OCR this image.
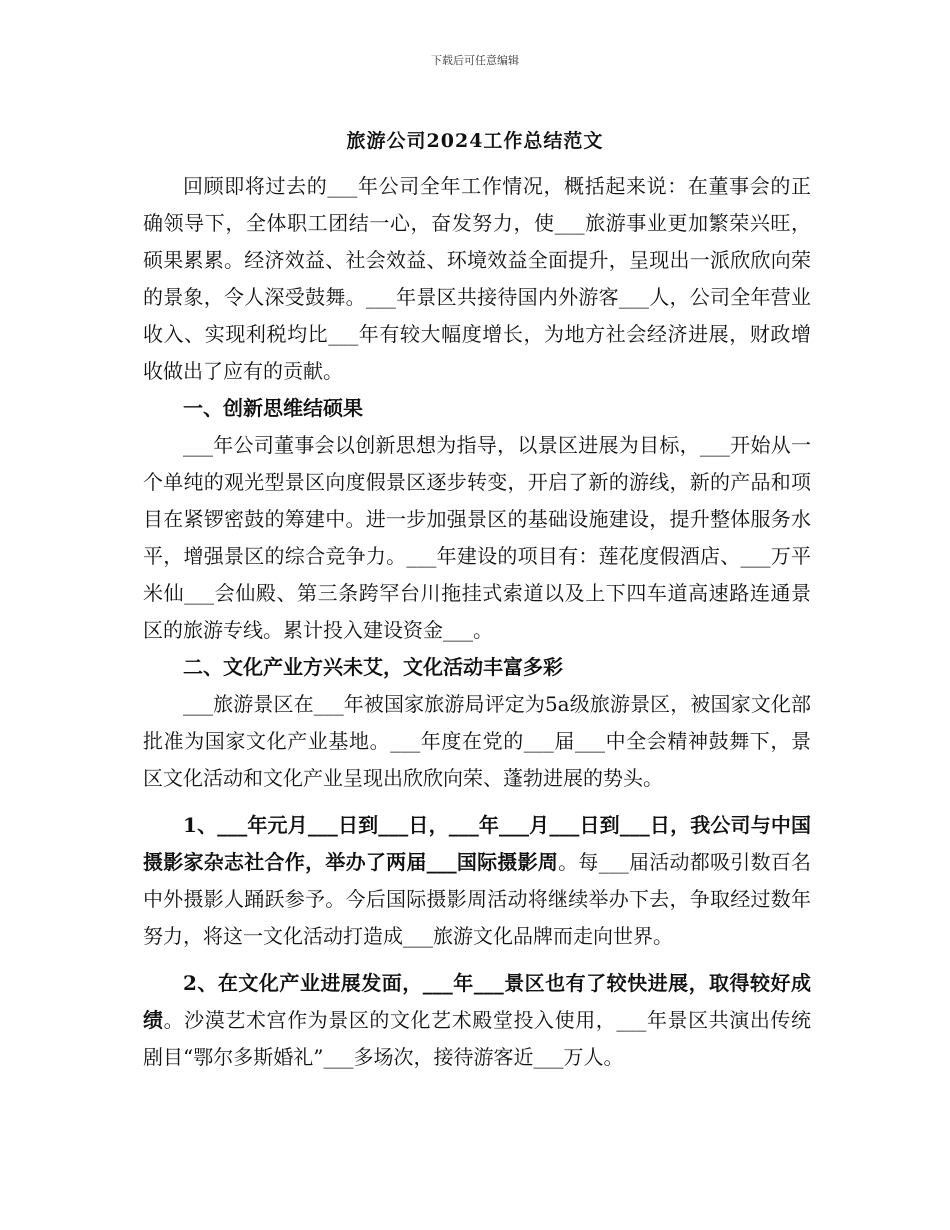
下载后可任意编辑
旅游公司2024工作总结范文

回顾即将过去的___年公司全年工作情况，概括起来说：在董事会的正确领导下，全体职工团结一心，奋发努力，使___旅游事业更加繁荣兴旺，硕果累累。经济效益、社会效益、环境效益全面提升，呈现出一派欣欣向荣的景象，令人深受鼓舞。___年景区共接待国内外游客___人，公司全年营业收入、实现利税均比___年有较大幅度增长，为地方社会经济进展，财政增收做出了应有的贡献。

一、创新思维结硕果

___年公司董事会以创新思想为指导，以景区进展为目标，___开始从一个单纯的观光型景区向度假景区逐步转变，开启了新的游线，新的产品和项目在紧锣密鼓的筹建中。进一步加强景区的基础设施建设，提升整体服务水平，增强景区的综合竞争力。___年建设的项目有：莲花度假酒店、___万平米仙___会仙殿、第三条跨罕台川拖挂式索道以及上下四车道高速路连通景区的旅游专线。累计投入建设资金___。

二、文化产业方兴未艾，文化活动丰富多彩

___旅游景区在___年被国家旅游局评定为5a级旅游景区，被国家文化部批准为国家文化产业基地。___年度在党的___届___中全会精神鼓舞下，景区文化活动和文化产业呈现出欣欣向荣、蓬勃进展的势头。

1、___年元月___日到___日，___年___月___日到___日，我公司与中国摄影家杂志社合作，举办了两届___国际摄影周。每___届活动都吸引数百名中外摄影人踊跃参予。今后国际摄影周活动将继续举办下去，争取经过数年努力，将这一文化活动打造成___旅游文化品牌而走向世界。

2、在文化产业进展发面，___年___景区也有了较快进展，取得较好成绩。沙漠艺术宫作为景区的文化艺术殿堂投入使用，___年景区共演出传统剧目“鄂尔多斯婚礼”___多场次，接待游客近___万人。
